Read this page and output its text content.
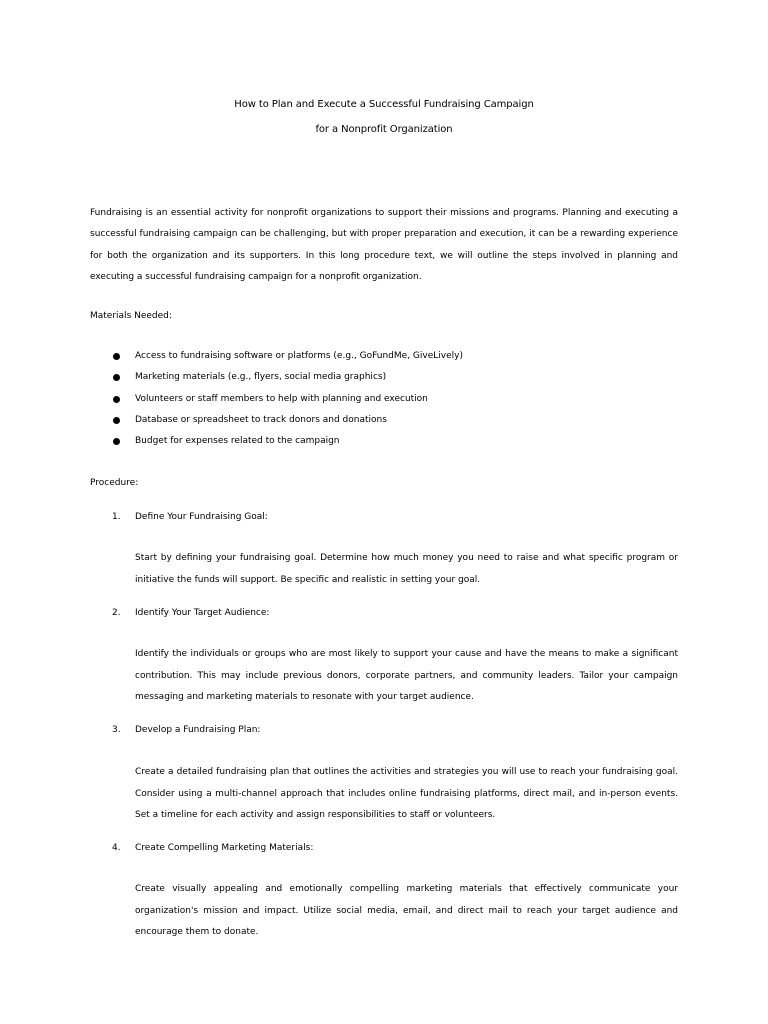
How to Plan and Execute a Successful Fundraising Campaign
for a Nonprofit Organization

Fundraising is an essential activity for nonprofit organizations to support their missions and programs. Planning and executing a successful fundraising campaign can be challenging, but with proper preparation and execution, it can be a rewarding experience for both the organization and its supporters. In this long procedure text, we will outline the steps involved in planning and executing a successful fundraising campaign for a nonprofit organization.

Materials Needed:
Access to fundraising software or platforms (e.g., GoFundMe, GiveLively)
Marketing materials (e.g., flyers, social media graphics)
Volunteers or staff members to help with planning and execution
Database or spreadsheet to track donors and donations
Budget for expenses related to the campaign
Procedure:
1. Define Your Fundraising Goal:

Start by defining your fundraising goal. Determine how much money you need to raise and what specific program or initiative the funds will support. Be specific and realistic in setting your goal.

2. Identify Your Target Audience:

Identify the individuals or groups who are most likely to support your cause and have the means to make a significant contribution. This may include previous donors, corporate partners, and community leaders. Tailor your campaign messaging and marketing materials to resonate with your target audience.

3. Develop a Fundraising Plan:

Create a detailed fundraising plan that outlines the activities and strategies you will use to reach your fundraising goal. Consider using a multi-channel approach that includes online fundraising platforms, direct mail, and in-person events. Set a timeline for each activity and assign responsibilities to staff or volunteers.

4. Create Compelling Marketing Materials:

Create visually appealing and emotionally compelling marketing materials that effectively communicate your organization's mission and impact. Utilize social media, email, and direct mail to reach your target audience and encourage them to donate.
